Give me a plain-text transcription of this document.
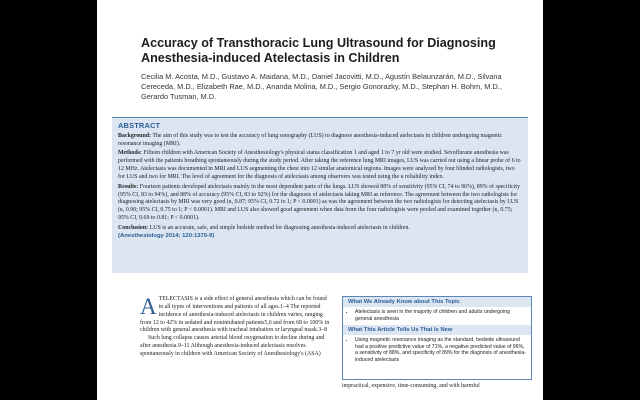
Accuracy of Transthoracic Lung Ultrasound for Diagnosing Anesthesia-induced Atelectasis in Children
Cecilia M. Acosta, M.D., Gustavo A. Maidana, M.D., Daniel Jacovitti, M.D., Agustín Belaunzarán, M.D., Silvana Cereceda, M.D., Elizabeth Rae, M.D., Ananda Molina, M.D., Sergio Gonorazky, M.D., Stephan H. Bohm, M.D., Gerardo Tusman, M.D.
ABSTRACT

Background: The aim of this study was to test the accuracy of lung sonography (LUS) to diagnose anesthesia-induced atelectasis in children undergoing magnetic resonance imaging (MRI).

Methods: Fifteen children with American Society of Anesthesiology's physical status classification 1 and aged 1 to 7 yr old were studied. Sevoflurane anesthesia was performed with the patients breathing spontaneously during the study period. After taking the reference lung MRI images, LUS was carried out using a linear probe of 6 to 12 MHz. Atelectasis was documented in MRI and LUS segmenting the chest into 12 similar anatomical regions. Images were analyzed by four blinded radiologists, two for LUS and two for MRI. The level of agreement for the diagnosis of atelectasis among observers was tested using the κ reliability index.

Results: Fourteen patients developed atelectasis mainly in the most dependent parts of the lungs. LUS showed 88% of sensitivity (95% CI, 74 to 96%), 89% of specificity (95% CI, 83 to 94%), and 88% of accuracy (95% CI, 83 to 92%) for the diagnosis of atelectasis taking MRI as reference. The agreement between the two radiologists for diagnosing atelectasis by MRI was very good (κ, 0.87; 95% CI, 0.72 to 1; P < 0.0001) as was the agreement between the two radiologists for detecting atelectasis by LUS (κ, 0.90; 95% CI, 0.75 to 1; P < 0.0001). MRI and LUS also showed good agreement when data from the four radiologists were pooled and examined together (κ, 0.75; 95% CI, 0.69 to 0.81; P < 0.0001).

Conclusion: LUS is an accurate, safe, and simple bedside method for diagnosing anesthesia-induced atelectasis in children.
(Anesthesiology 2014; 120:1370-9)

ATELECTASIS is a side effect of general anesthesia which can be found in all types of interventions and patients of all ages.1–4 The reported incidence of anesthesia-induced atelectasis in children varies, ranging from 12 to 42% in sedated and nonintubated patients5,6 and from 68 to 100% in children with general anesthesia with tracheal intubation or laryngeal mask.3–8

Such lung collapse causes arterial blood oxygenation to decline during and after anesthesia.9–11 Although anesthesia-induced atelectasis resolves spontaneously in children with American Society of Anesthesiology's (ASA)

What We Already Know about This Topic
• Atelectasis is seen in the majority of children and adults undergoing general anesthesia
What This Article Tells Us That Is New
• Using magnetic resonance imaging as the standard, bedside ultrasound had a positive predictive value of 71%, a negative predicted value of 96%, a sensitivity of 88%, and specificity of 89% for the diagnosis of anesthesia-induced atelectasis
impractical, expensive, time-consuming, and with harmful
